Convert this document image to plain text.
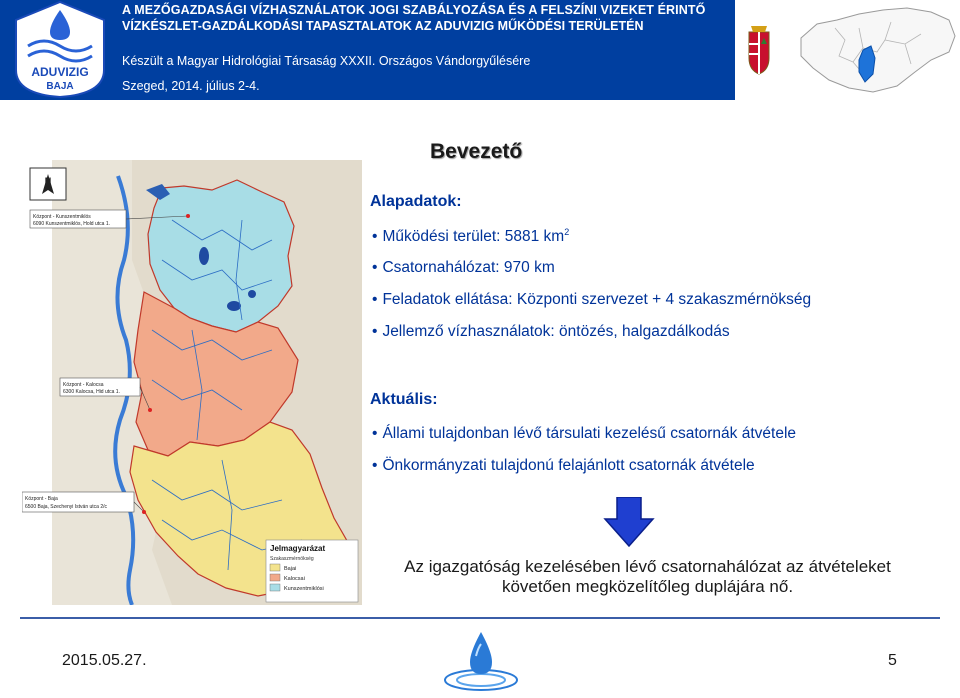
ADUVIZIG
BAJA
A MEZŐGAZDASÁGI VÍZHASZNÁLATOK JOGI SZABÁLYOZÁSA ÉS A FELSZÍNI VIZEKET ÉRINTŐ
VÍZKÉSZLET-GAZDÁLKODÁSI TAPASZTALATOK AZ ADUVIZIG MŰKÖDÉSI TERÜLETÉN
Készült a Magyar Hidrológiai Társaság XXXII. Országos Vándorgyűlésére
Szeged, 2014. július 2-4.
N
Központ - Kunszentmiklós
6090 Kunszentmiklós, Hold utca 1.
Központ - Kalocsa
6300 Kalocsa, Hid utca 1.
Központ - Baja
6500 Baja, Szechenyi István utca 2/c
Jelmagyarázat
Szakaszmérnökség
Bajai
Kalocsai
Kunszentmiklósi
Bevezető
Alapadatok:
• Működési terület: 5881 $km^2$
• Csatornahálózat: 970 km
• Feladatok ellátása: Központi szervezet + 4 szakaszmérnökség
• Jellemző vízhasználatok: öntözés, halgazdálkodás
Aktuális:
• Állami tulajdonban lévő társulati kezelésű csatornák átvétele
• Önkormányzati tulajdonú felajánlott csatornák átvétele
Az igazgatóság kezelésében lévő csatornahálózat az átvételeket
követően megközelítőleg duplájára nő.
2015.05.27.	5
